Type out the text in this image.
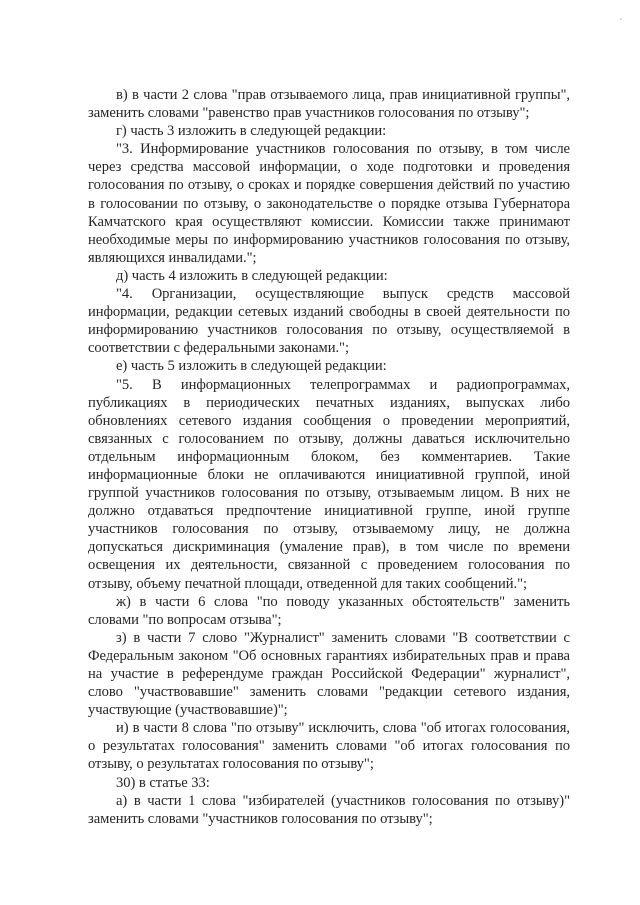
в) в части 2 слова "прав отзываемого лица, прав инициативной группы", заменить словами "равенство прав участников голосования по отзыву";

г) часть 3 изложить в следующей редакции:

"3. Информирование участников голосования по отзыву, в том числе через средства массовой информации, о ходе подготовки и проведения голосования по отзыву, о сроках и порядке совершения действий по участию в голосовании по отзыву, о законодательстве о порядке отзыва Губернатора Камчатского края осуществляют комиссии. Комиссии также принимают необходимые меры по информированию участников голосования по отзыву, являющихся инвалидами.";

д) часть 4 изложить в следующей редакции:

"4. Организации, осуществляющие выпуск средств массовой информации, редакции сетевых изданий свободны в своей деятельности по информированию участников голосования по отзыву, осуществляемой в соответствии с федеральными законами.";

е) часть 5 изложить в следующей редакции:

"5. В информационных телепрограммах и радиопрограммах, публикациях в периодических печатных изданиях, выпусках либо обновлениях сетевого издания сообщения о проведении мероприятий, связанных с голосованием по отзыву, должны даваться исключительно отдельным информационным блоком, без комментариев. Такие информационные блоки не оплачиваются инициативной группой, иной группой участников голосования по отзыву, отзываемым лицом. В них не должно отдаваться предпочтение инициативной группе, иной группе участников голосования по отзыву, отзываемому лицу, не должна допускаться дискриминация (умаление прав), в том числе по времени освещения их деятельности, связанной с проведением голосования по отзыву, объему печатной площади, отведенной для таких сообщений.";

ж) в части 6 слова "по поводу указанных обстоятельств" заменить словами "по вопросам отзыва";

з) в части 7 слово "Журналист" заменить словами "В соответствии с Федеральным законом "Об основных гарантиях избирательных прав и права на участие в референдуме граждан Российской Федерации" журналист", слово "участвовавшие" заменить словами "редакции сетевого издания, участвующие (участвовавшие)";

и) в части 8 слова "по отзыву" исключить, слова "об итогах голосования, о результатах голосования" заменить словами "об итогах голосования по отзыву, о результатах голосования по отзыву";

30) в статье 33:

а) в части 1 слова "избирателей (участников голосования по отзыву)" заменить словами "участников голосования по отзыву";
